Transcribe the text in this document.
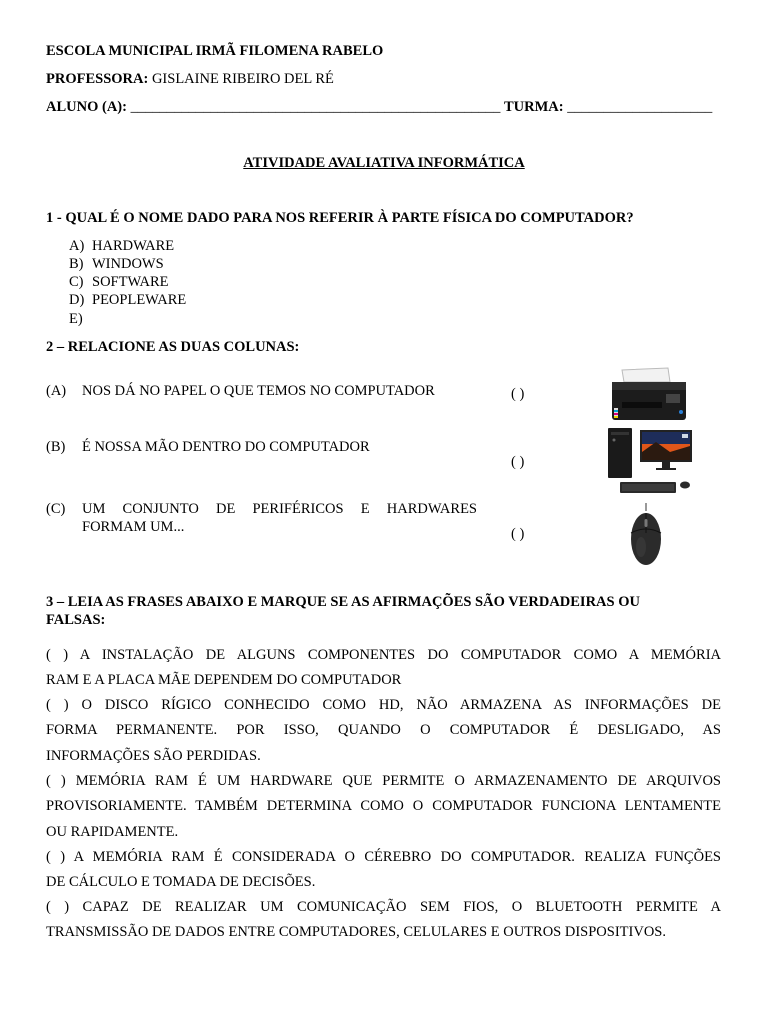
ESCOLA MUNICIPAL IRMÃ FILOMENA RABELO
PROFESSORA: GISLAINE RIBEIRO DEL RÉ
ALUNO (A): ___________________________________________________ TURMA: ____________________
ATIVIDADE AVALIATIVA INFORMÁTICA
1 - QUAL É O NOME DADO PARA NOS REFERIR À PARTE FÍSICA DO COMPUTADOR?
A) HARDWARE
B) WINDOWS
C) SOFTWARE
D) PEOPLEWARE
E)
2 – RELACIONE AS DUAS COLUNAS:
(A) NOS DÁ NO PAPEL O QUE TEMOS NO COMPUTADOR	( )
(B) É NOSSA MÃO DENTRO DO COMPUTADOR
( )
(C) UM CONJUNTO DE PERIFÉRICOS E HARDWARES
FORMAM UM...	( )
3 – LEIA AS FRASES ABAIXO E MARQUE SE AS AFIRMAÇÕES SÃO VERDADEIRAS OU
FALSAS:
( ) A INSTALAÇÃO DE ALGUNS COMPONENTES DO COMPUTADOR COMO A MEMÓRIA
RAM E A PLACA MÃE DEPENDEM DO COMPUTADOR
( ) O DISCO RÍGICO CONHECIDO COMO HD, NÃO ARMAZENA AS INFORMAÇÕES DE
FORMA PERMANENTE. POR ISSO, QUANDO O COMPUTADOR É DESLIGADO, AS
INFORMAÇÕES SÃO PERDIDAS.
( ) MEMÓRIA RAM É UM HARDWARE QUE PERMITE O ARMAZENAMENTO DE ARQUIVOS
PROVISORIAMENTE. TAMBÉM DETERMINA COMO O COMPUTADOR FUNCIONA LENTAMENTE
OU RAPIDAMENTE.
( ) A MEMÓRIA RAM É CONSIDERADA O CÉREBRO DO COMPUTADOR. REALIZA FUNÇÕES
DE CÁLCULO E TOMADA DE DECISÕES.
( ) CAPAZ DE REALIZAR UM COMUNICAÇÃO SEM FIOS, O BLUETOOTH PERMITE A
TRANSMISSÃO DE DADOS ENTRE COMPUTADORES, CELULARES E OUTROS DISPOSITIVOS.
